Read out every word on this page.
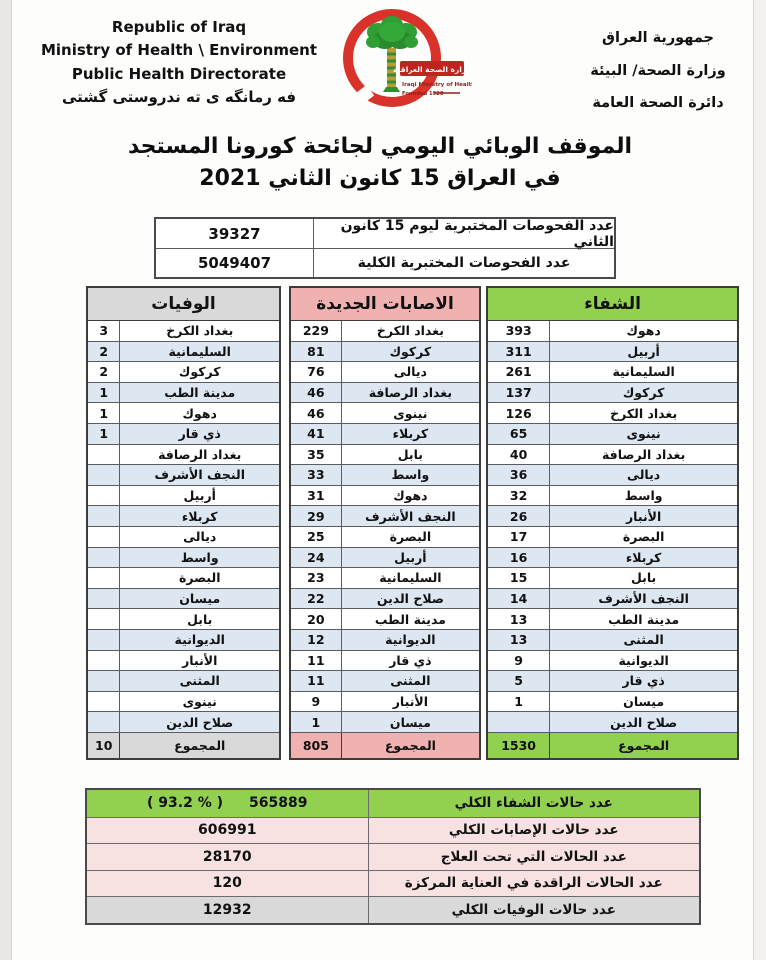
Republic of Iraq
Ministry of Health \ Environment
Public Health Directorate
فه رمانگه ی ته ندروستی گشتی
وزارة الصحة العراقية
Iraqi Ministry of Health
Founded 1920
جمهورية العراق
وزارة الصحة/ البيئة
دائرة الصحة العامة
الموقف الوبائي اليومي لجائحة كورونا المستجد
في العراق 15 كانون الثاني 2021
39327	عدد الفحوصات المختبرية ليوم 15 كانون الثاني
5049407	عدد الفحوصات المختبرية الكلية
الوفيات
3	بغداد الكرخ
2	السليمانية
2	كركوك
1	مدينة الطب
1	دهوك
1	ذي قار
بغداد الرصافة
النجف الأشرف
أربيل
كربلاء
ديالى
واسط
البصرة
ميسان
بابل
الديوانية
الأنبار
المثنى
نينوى
صلاح الدين
10	المجموع
الاصابات الجديدة
229	بغداد الكرخ
81	كركوك
76	ديالى
46	بغداد الرصافة
46	نينوى
41	كربلاء
35	بابل
33	واسط
31	دهوك
29	النجف الأشرف
25	البصرة
24	أربيل
23	السليمانية
22	صلاح الدين
20	مدينة الطب
12	الديوانية
11	ذي قار
11	المثنى
9	الأنبار
1	ميسان
805	المجموع
الشفاء
393	دهوك
311	أربيل
261	السليمانية
137	كركوك
126	بغداد الكرخ
65	نينوى
40	بغداد الرصافة
36	ديالى
32	واسط
26	الأنبار
17	البصرة
16	كربلاء
15	بابل
14	النجف الأشرف
13	مدينة الطب
13	المثنى
9	الديوانية
5	ذي قار
1	ميسان
صلاح الدين
1530	المجموع
( 93.2 % ) 565889	عدد حالات الشفاء الكلي
606991	عدد حالات الإصابات الكلي
28170	عدد الحالات التي تحت العلاج
120	عدد الحالات الراقدة في العناية المركزة
12932	عدد حالات الوفيات الكلي
